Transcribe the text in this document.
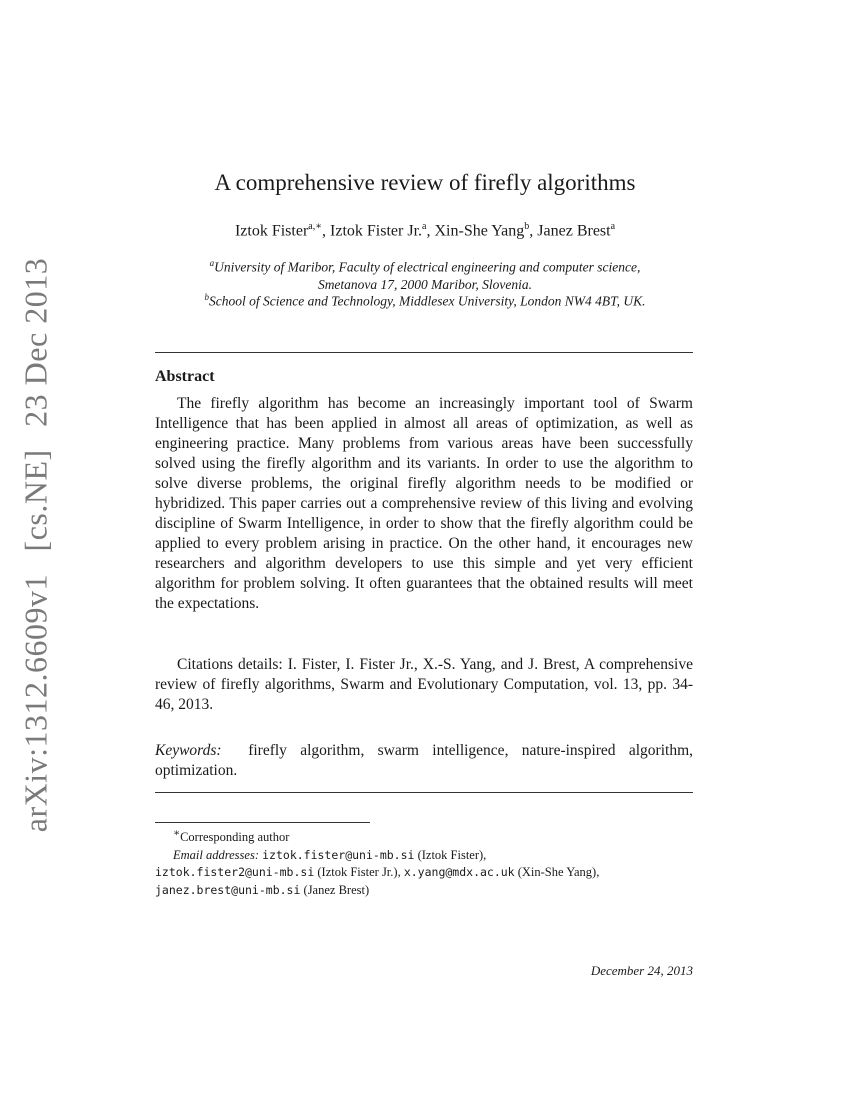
arXiv:1312.6609v1 [cs.NE] 23 Dec 2013
A comprehensive review of firefly algorithms
Iztok Fister$^{a,∗}$, Iztok Fister Jr.$^a$, Xin-She Yang$^b$, Janez Brest$^a$
$^a$University of Maribor, Faculty of electrical engineering and computer science,
Smetanova 17, 2000 Maribor, Slovenia.
$^b$School of Science and Technology, Middlesex University, London NW4 4BT, UK.
Abstract

The firefly algorithm has become an increasingly important tool of Swarm Intelligence that has been applied in almost all areas of optimization, as well as engineering practice. Many problems from various areas have been successfully solved using the firefly algorithm and its variants. In order to use the algorithm to solve diverse problems, the original firefly algorithm needs to be modified or hybridized. This paper carries out a comprehensive review of this living and evolving discipline of Swarm Intelligence, in order to show that the firefly algorithm could be applied to every problem arising in practice. On the other hand, it encourages new researchers and algorithm developers to use this simple and yet very efficient algorithm for problem solving. It often guarantees that the obtained results will meet the expectations.

Citations details: I. Fister, I. Fister Jr., X.-S. Yang, and J. Brest, A comprehensive review of firefly algorithms, Swarm and Evolutionary Computation, vol. 13, pp. 34-46, 2013.

Keywords: firefly algorithm, swarm intelligence, nature-inspired algorithm, optimization.

∗Corresponding author
Email addresses: iztok.fister@uni-mb.si (Iztok Fister),
iztok.fister2@uni-mb.si (Iztok Fister Jr.), x.yang@mdx.ac.uk (Xin-She Yang),
janez.brest@uni-mb.si (Janez Brest)
December 24, 2013
